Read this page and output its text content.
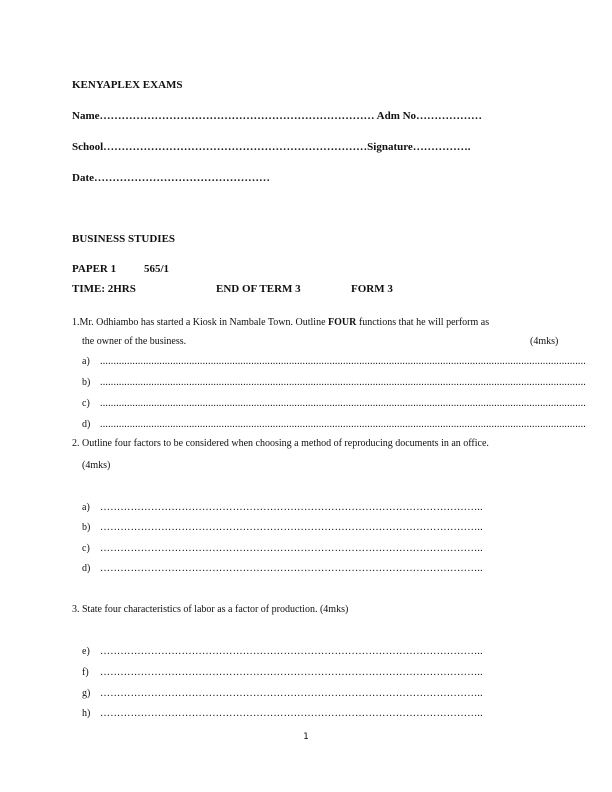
KENYAPLEX EXAMS
Name………………………………………………………………… Adm No………………
School………………………………………………………………Signature…………….
Date…………………………………………
BUSINESS STUDIES
PAPER 1	565/1
TIME: 2HRS	END OF TERM 3	FORM 3
1.Mr. Odhiambo has started a Kiosk in Nambale Town. Outline FOUR functions that he will perform as
the owner of the business.	(4mks)
a)	....................................................................................................................................................................................
b) ....................................................................................................................................................................................
c)	....................................................................................................................................................................................
d) ....................................................................................................................................................................................
2. Outline four factors to be considered when choosing a method of reproducing documents in an office.
(4mks)
a)	…………………………………………………………………………………………………..
b) …………………………………………………………………………………………………..
c)	…………………………………………………………………………………………………..
d) …………………………………………………………………………………………………..
3. State four characteristics of labor as a factor of production. (4mks)
e)	…………………………………………………………………………………………………..
f)	…………………………………………………………………………………………………..
g) …………………………………………………………………………………………………..
h) …………………………………………………………………………………………………..
1
